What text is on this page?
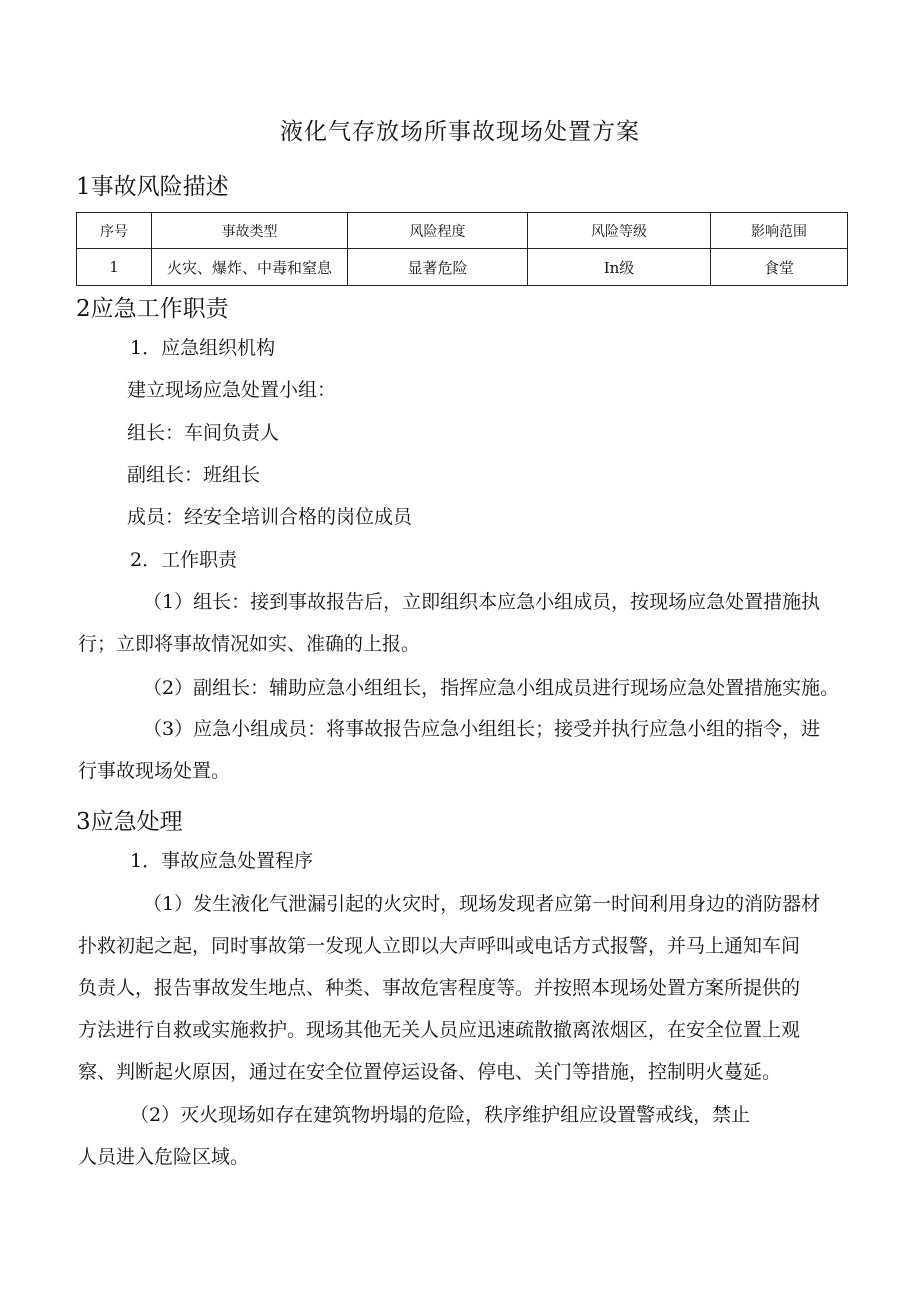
液化气存放场所事故现场处置方案
1事故风险描述
序号	事故类型	风险程度	风险等级	影响范围
1	火灾、爆炸、中毒和窒息	显著危险	In级	食堂
2应急工作职责
1．应急组织机构
建立现场应急处置小组：
组长：车间负责人
副组长：班组长
成员：经安全培训合格的岗位成员
2．工作职责
（1）组长：接到事故报告后，立即组织本应急小组成员，按现场应急处置措施执
行；立即将事故情况如实、准确的上报。
（2）副组长：辅助应急小组组长，指挥应急小组成员进行现场应急处置措施实施。
（3）应急小组成员：将事故报告应急小组组长；接受并执行应急小组的指令，进
行事故现场处置。
3应急处理
1．事故应急处置程序
（1）发生液化气泄漏引起的火灾时，现场发现者应第一时间利用身边的消防器材
扑救初起之起，同时事故第一发现人立即以大声呼叫或电话方式报警，并马上通知车间
负责人，报告事故发生地点、种类、事故危害程度等。并按照本现场处置方案所提供的
方法进行自救或实施救护。现场其他无关人员应迅速疏散撤离浓烟区，在安全位置上观
察、判断起火原因，通过在安全位置停运设备、停电、关门等措施，控制明火蔓延。
（2）灭火现场如存在建筑物坍塌的危险，秩序维护组应设置警戒线，禁止
人员进入危险区域。
